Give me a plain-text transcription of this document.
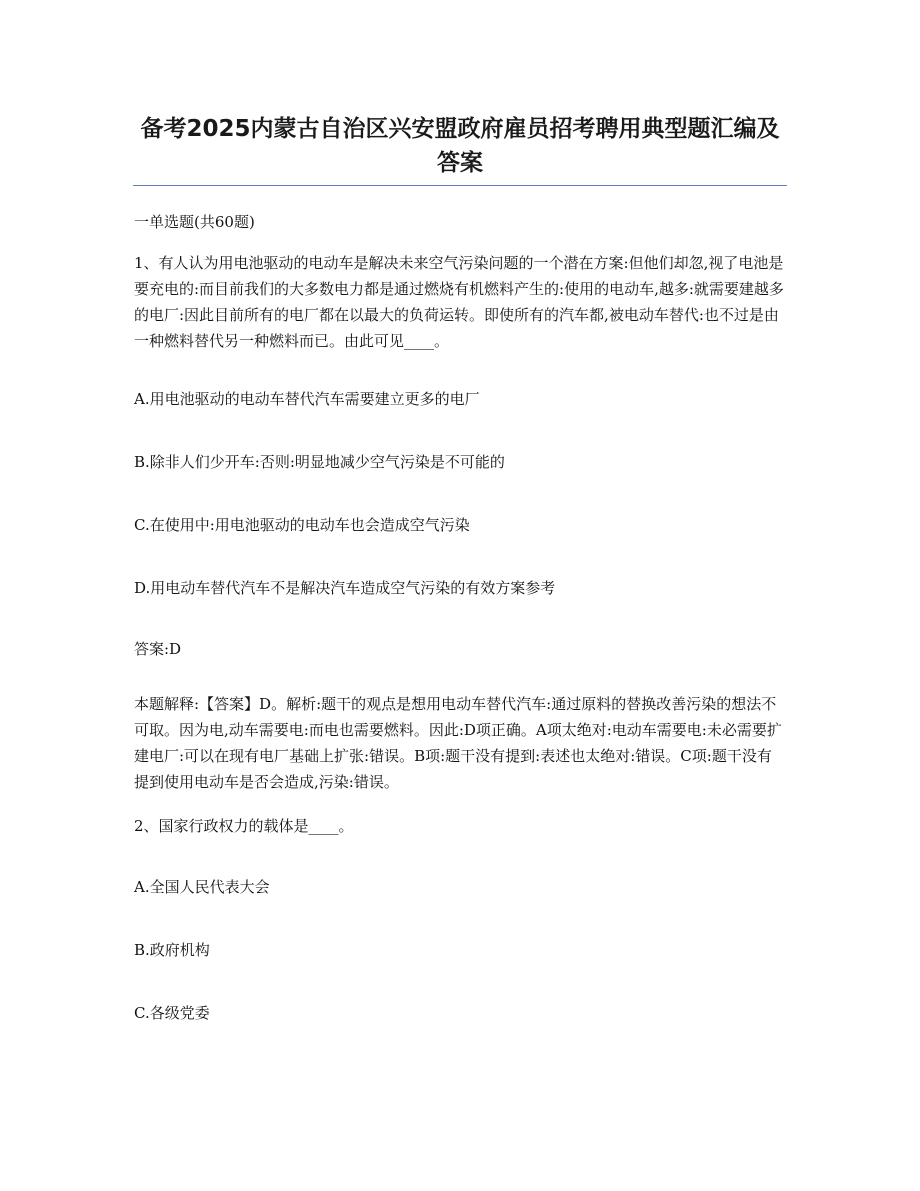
备考2025内蒙古自治区兴安盟政府雇员招考聘用典型题汇编及答案

一单选题(共60题)

1、有人认为用电池驱动的电动车是解决未来空气污染问题的一个潜在方案:但他们却忽,视了电池是要充电的:而目前我们的大多数电力都是通过燃烧有机燃料产生的:使用的电动车,越多:就需要建越多的电厂:因此目前所有的电厂都在以最大的负荷运转。即使所有的汽车都,被电动车替代:也不过是由一种燃料替代另一种燃料而已。由此可见____。

A.用电池驱动的电动车替代汽车需要建立更多的电厂

B.除非人们少开车:否则:明显地减少空气污染是不可能的

C.在使用中:用电池驱动的电动车也会造成空气污染

D.用电动车替代汽车不是解决汽车造成空气污染的有效方案参考

答案:D

本题解释:【答案】D。解析:题干的观点是想用电动车替代汽车:通过原料的替换改善污染的想法不可取。因为电,动车需要电:而电也需要燃料。因此:D项正确。A项太绝对:电动车需要电:未必需要扩建电厂:可以在现有电厂基础上扩张:错误。B项:题干没有提到:表述也太绝对:错误。C项:题干没有提到使用电动车是否会造成,污染:错误。

2、国家行政权力的载体是____。

A.全国人民代表大会

B.政府机构

C.各级党委
